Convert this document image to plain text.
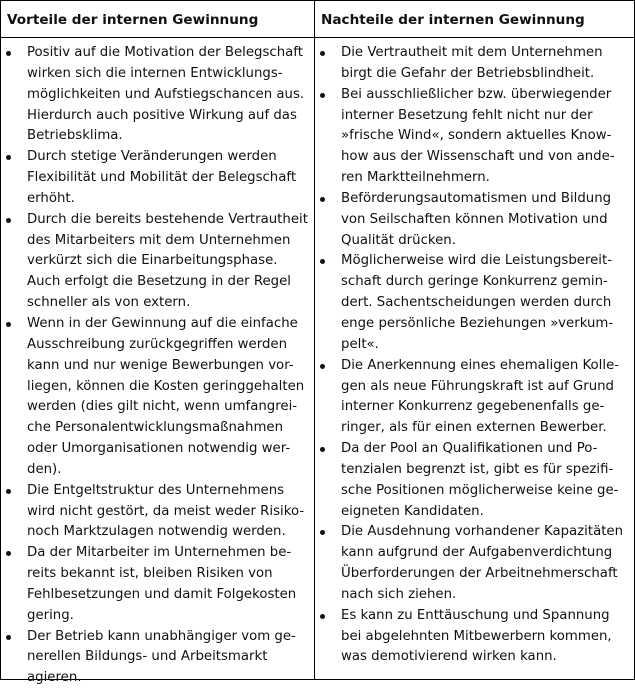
Vorteile der internen Gewinnung	Nachteile der internen Gewinnung
Positiv auf die Motivation der Belegschaft
wirken sich die internen Entwicklungs-
möglichkeiten und Aufstiegschancen aus.
Hierdurch auch positive Wirkung auf das
Betriebsklima.
Durch stetige Veränderungen werden
Flexibilität und Mobilität der Belegschaft
erhöht.
Durch die bereits bestehende Vertrautheit
des Mitarbeiters mit dem Unternehmen
verkürzt sich die Einarbeitungsphase.
Auch erfolgt die Besetzung in der Regel
schneller als von extern.
Wenn in der Gewinnung auf die einfache
Ausschreibung zurückgegriffen werden
kann und nur wenige Bewerbungen vor-
liegen, können die Kosten geringgehalten
werden (dies gilt nicht, wenn umfangrei-
che Personalentwicklungsmaßnahmen
oder Umorganisationen notwendig wer-
den).
Die Entgeltstruktur des Unternehmens
wird nicht gestört, da meist weder Risiko-
noch Marktzulagen notwendig werden.
Da der Mitarbeiter im Unternehmen be-
reits bekannt ist, bleiben Risiken von
Fehlbesetzungen und damit Folgekosten
gering.
Der Betrieb kann unabhängiger vom ge-
nerellen Bildungs- und Arbeitsmarkt
agieren.
Die Vertrautheit mit dem Unternehmen
birgt die Gefahr der Betriebsblindheit.
Bei ausschließlicher bzw. überwiegender
interner Besetzung fehlt nicht nur der
»frische Wind«, sondern aktuelles Know-
how aus der Wissenschaft und von ande-
ren Marktteilnehmern.
Beförderungsautomatismen und Bildung
von Seilschaften können Motivation und
Qualität drücken.
Möglicherweise wird die Leistungsbereit-
schaft durch geringe Konkurrenz gemin-
dert. Sachentscheidungen werden durch
enge persönliche Beziehungen »verkum-
pelt«.
Die Anerkennung eines ehemaligen Kolle-
gen als neue Führungskraft ist auf Grund
interner Konkurrenz gegebenenfalls ge-
ringer, als für einen externen Bewerber.
Da der Pool an Qualifikationen und Po-
tenzialen begrenzt ist, gibt es für spezifi-
sche Positionen möglicherweise keine ge-
eigneten Kandidaten.
Die Ausdehnung vorhandener Kapazitäten
kann aufgrund der Aufgabenverdichtung
Überforderungen der Arbeitnehmerschaft
nach sich ziehen.
Es kann zu Enttäuschung und Spannung
bei abgelehnten Mitbewerbern kommen,
was demotivierend wirken kann.
